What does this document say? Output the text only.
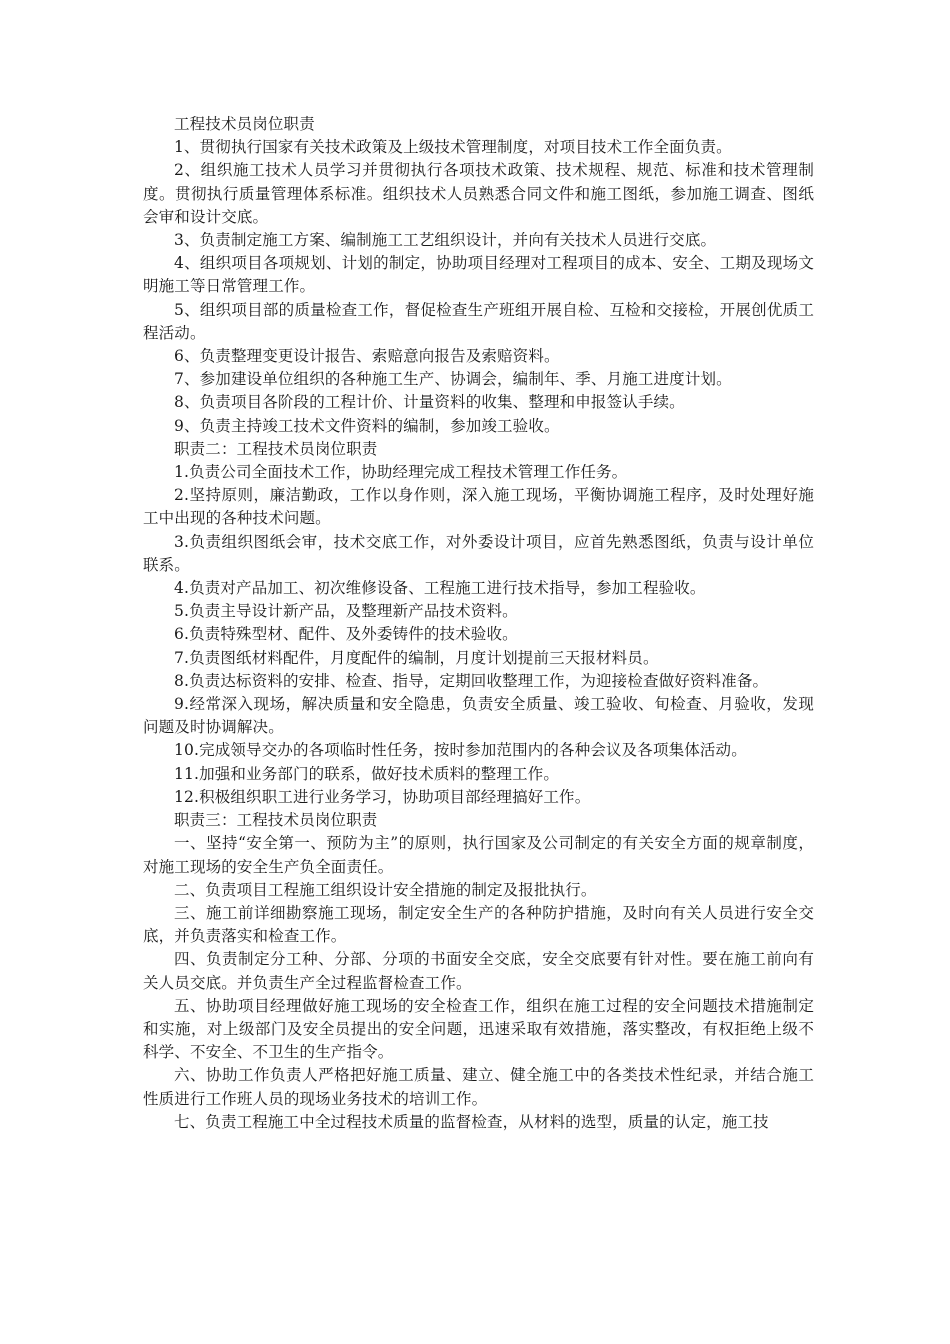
工程技术员岗位职责

1、贯彻执行国家有关技术政策及上级技术管理制度，对项目技术工作全面负责。

2、组织施工技术人员学习并贯彻执行各项技术政策、技术规程、规范、标准和技术管理制度。贯彻执行质量管理体系标准。组织技术人员熟悉合同文件和施工图纸，参加施工调查、图纸会审和设计交底。

3、负责制定施工方案、编制施工工艺组织设计，并向有关技术人员进行交底。

4、组织项目各项规划、计划的制定，协助项目经理对工程项目的成本、安全、工期及现场文明施工等日常管理工作。

5、组织项目部的质量检查工作，督促检查生产班组开展自检、互检和交接检，开展创优质工程活动。

6、负责整理变更设计报告、索赔意向报告及索赔资料。

7、参加建设单位组织的各种施工生产、协调会，编制年、季、月施工进度计划。

8、负责项目各阶段的工程计价、计量资料的收集、整理和申报签认手续。

9、负责主持竣工技术文件资料的编制，参加竣工验收。

职责二：工程技术员岗位职责

1.负责公司全面技术工作，协助经理完成工程技术管理工作任务。

2.坚持原则，廉洁勤政，工作以身作则，深入施工现场，平衡协调施工程序，及时处理好施工中出现的各种技术问题。

3.负责组织图纸会审，技术交底工作，对外委设计项目，应首先熟悉图纸，负责与设计单位联系。

4.负责对产品加工、初次维修设备、工程施工进行技术指导，参加工程验收。

5.负责主导设计新产品，及整理新产品技术资料。

6.负责特殊型材、配件、及外委铸件的技术验收。

7.负责图纸材料配件，月度配件的编制，月度计划提前三天报材料员。

8.负责达标资料的安排、检查、指导，定期回收整理工作，为迎接检查做好资料准备。

9.经常深入现场，解决质量和安全隐患，负责安全质量、竣工验收、旬检查、月验收，发现问题及时协调解决。

10.完成领导交办的各项临时性任务，按时参加范围内的各种会议及各项集体活动。

11.加强和业务部门的联系，做好技术质料的整理工作。

12.积极组织职工进行业务学习，协助项目部经理搞好工作。

职责三：工程技术员岗位职责

一、坚持“安全第一、预防为主”的原则，执行国家及公司制定的有关安全方面的规章制度，对施工现场的安全生产负全面责任。

二、负责项目工程施工组织设计安全措施的制定及报批执行。

三、施工前详细勘察施工现场，制定安全生产的各种防护措施，及时向有关人员进行安全交底，并负责落实和检查工作。

四、负责制定分工种、分部、分项的书面安全交底，安全交底要有针对性。要在施工前向有关人员交底。并负责生产全过程监督检查工作。

五、协助项目经理做好施工现场的安全检查工作，组织在施工过程的安全问题技术措施制定和实施，对上级部门及安全员提出的安全问题，迅速采取有效措施，落实整改，有权拒绝上级不科学、不安全、不卫生的生产指令。

六、协助工作负责人严格把好施工质量、建立、健全施工中的各类技术性纪录，并结合施工性质进行工作班人员的现场业务技术的培训工作。

七、负责工程施工中全过程技术质量的监督检查，从材料的选型，质量的认定，施工技
